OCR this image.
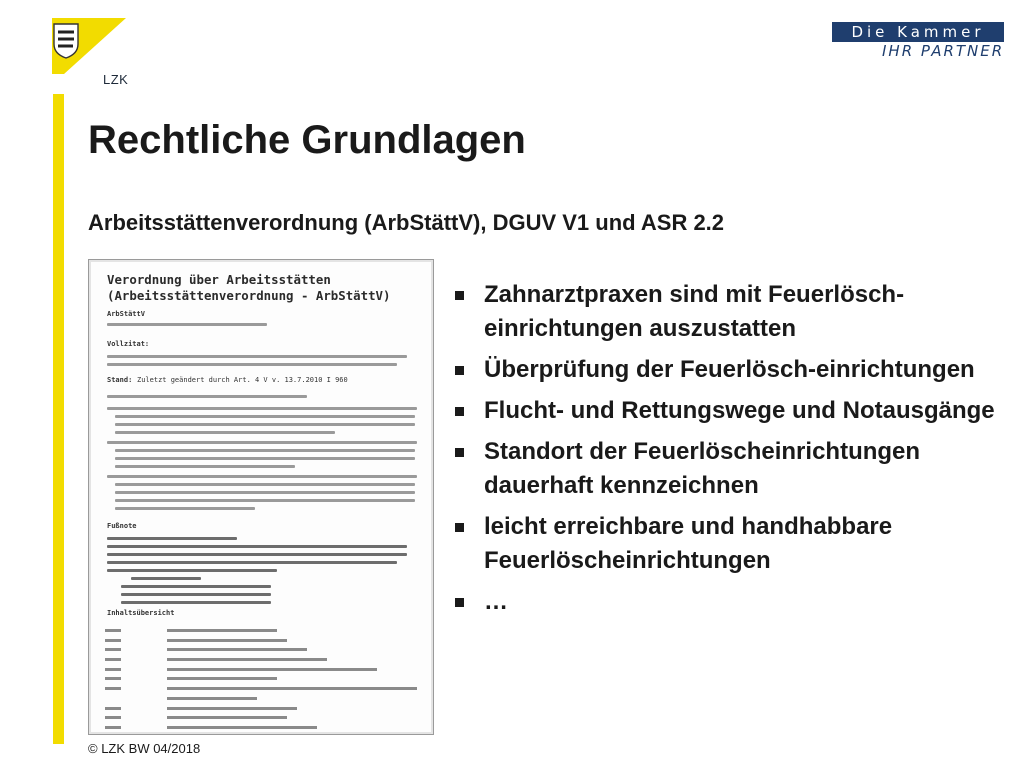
LZK
Die Kammer
IHR PARTNER
Rechtliche Grundlagen
Arbeitsstättenverordnung (ArbStättV), DGUV V1 und ASR 2.2
Verordnung über Arbeitsstätten
(Arbeitsstättenverordnung - ArbStättV)
ArbStättV
Vollzitat:
Stand: Zuletzt geändert durch Art. 4 V v. 13.7.2010 I 960
Fußnote
Inhaltsübersicht
Zahnarztpraxen sind mit Feuerlösch-einrichtungen auszustatten
Überprüfung der Feuerlösch-einrichtungen
Flucht- und Rettungswege und Notausgänge
Standort der Feuerlöscheinrichtungen dauerhaft kennzeichnen
leicht erreichbare und handhabbare Feuerlöscheinrichtungen
…
© LZK BW 04/2018
